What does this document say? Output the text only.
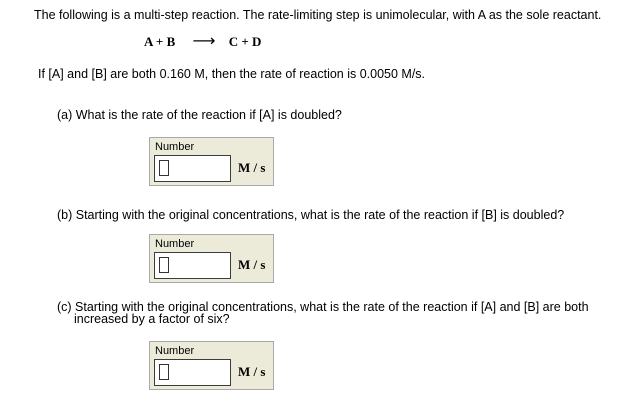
The following is a multi-step reaction. The rate-limiting step is unimolecular, with A as the sole reactant.
A + B ⟶ C + D
If [A] and [B] are both 0.160 M, then the rate of reaction is 0.0050 M/s.
(a) What is the rate of the reaction if [A] is doubled?
Number
M / s
(b) Starting with the original concentrations, what is the rate of the reaction if [B] is doubled?
Number
M / s
(c) Starting with the original concentrations, what is the rate of the reaction if [A] and [B] are both
increased by a factor of six?
Number
M / s
